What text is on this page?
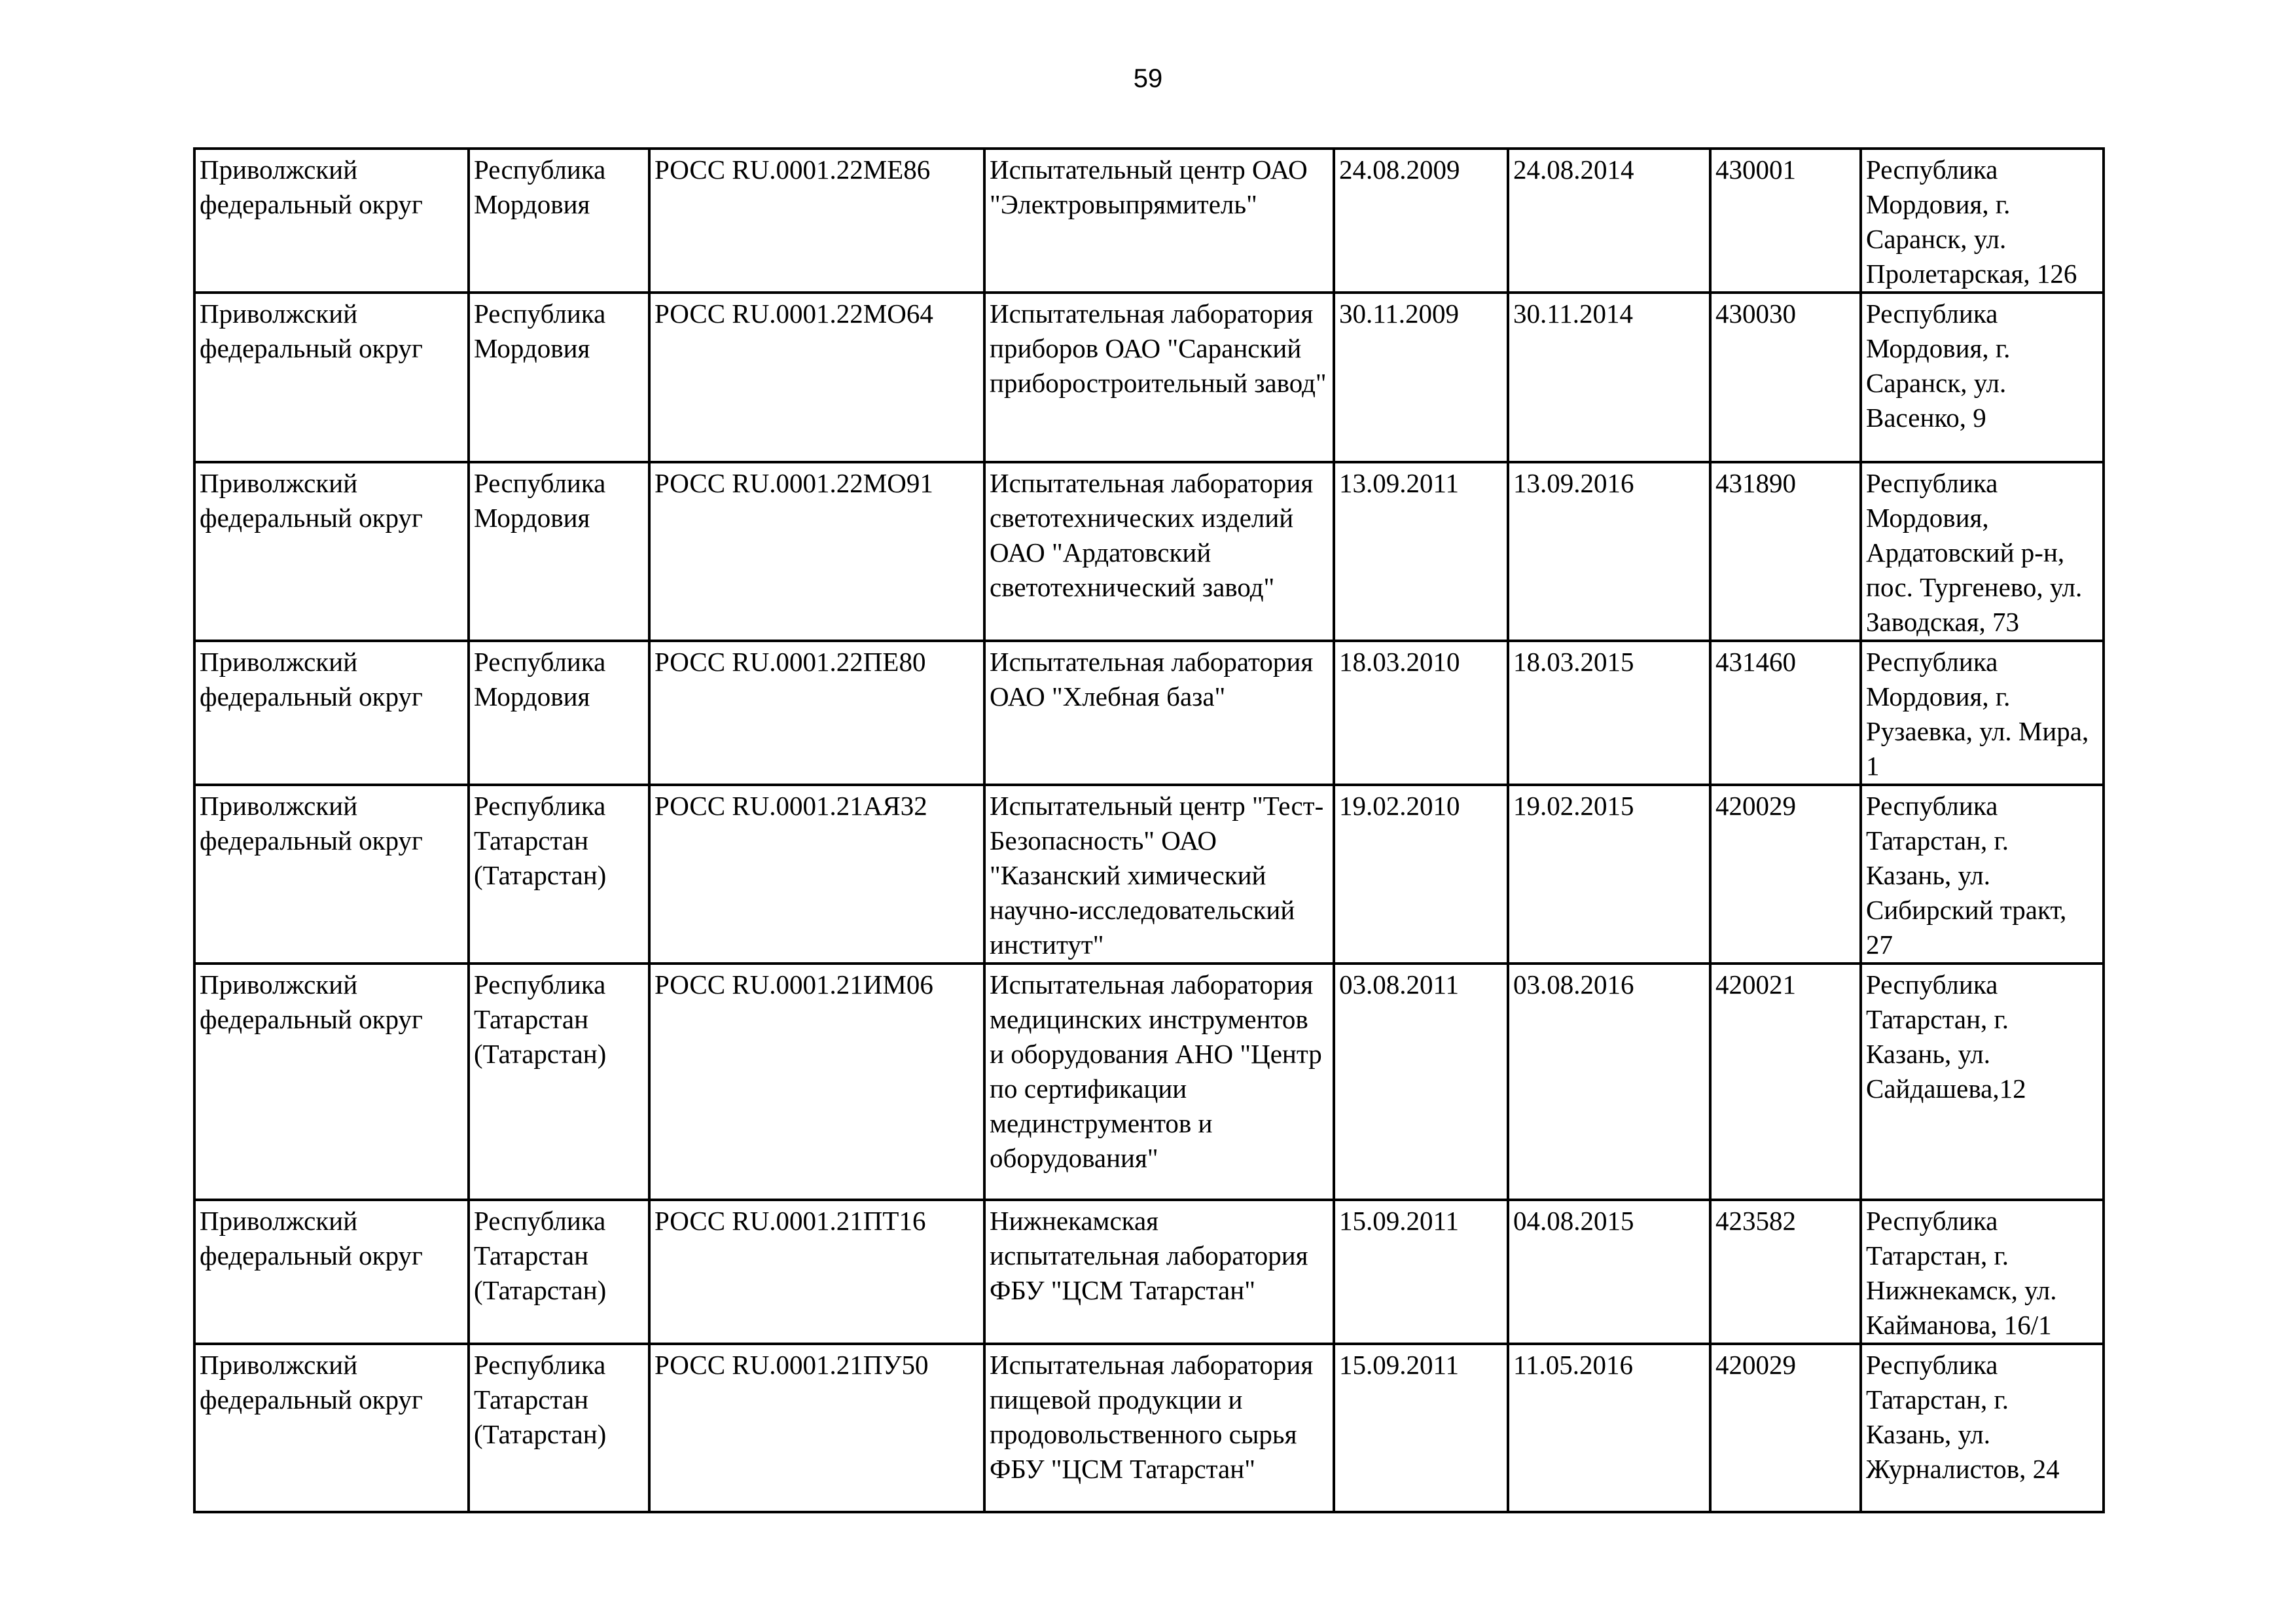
59
Приволжский федеральный округ	Республика Мордовия	РОСС RU.0001.22МЕ86	Испытательный центр ОАО "Электровыпрямитель"	24.08.2009	24.08.2014	430001	Республика Мордовия, г. Саранск, ул. Пролетарская, 126
Приволжский федеральный округ	Республика Мордовия	РОСС RU.0001.22МО64	Испытательная лаборатория приборов ОАО "Саранский приборостроительный завод"	30.11.2009	30.11.2014	430030	Республика Мордовия, г. Саранск, ул. Васенко, 9
Приволжский федеральный округ	Республика Мордовия	РОСС RU.0001.22МО91	Испытательная лаборатория светотехнических изделий ОАО "Ардатовский светотехнический завод"	13.09.2011	13.09.2016	431890	Республика Мордовия, Ардатовский р-н, пос. Тургенево, ул. Заводская, 73
Приволжский федеральный округ	Республика Мордовия	РОСС RU.0001.22ПЕ80	Испытательная лаборатория ОАО "Хлебная база"	18.03.2010	18.03.2015	431460	Республика Мордовия, г. Рузаевка, ул. Мира, 1
Приволжский федеральный округ	Республика Татарстан (Татарстан)	РОСС RU.0001.21АЯ32	Испытательный центр "Тест-Безопасность" ОАО "Казанский химический научно-исследовательский институт"	19.02.2010	19.02.2015	420029	Республика Татарстан, г. Казань, ул. Сибирский тракт, 27
Приволжский федеральный округ	Республика Татарстан (Татарстан)	РОСС RU.0001.21ИМ06	Испытательная лаборатория медицинских инструментов и оборудования АНО "Центр по сертификации мединструментов и оборудования"	03.08.2011	03.08.2016	420021	Республика Татарстан, г. Казань, ул. Сайдашева,12
Приволжский федеральный округ	Республика Татарстан (Татарстан)	РОСС RU.0001.21ПТ16	Нижнекамская испытательная лаборатория ФБУ "ЦСМ Татарстан"	15.09.2011	04.08.2015	423582	Республика Татарстан, г. Нижнекамск, ул. Кайманова, 16/1
Приволжский федеральный округ	Республика Татарстан (Татарстан)	РОСС RU.0001.21ПУ50	Испытательная лаборатория пищевой продукции и продовольственного сырья ФБУ "ЦСМ Татарстан"	15.09.2011	11.05.2016	420029	Республика Татарстан, г. Казань, ул. Журналистов, 24
